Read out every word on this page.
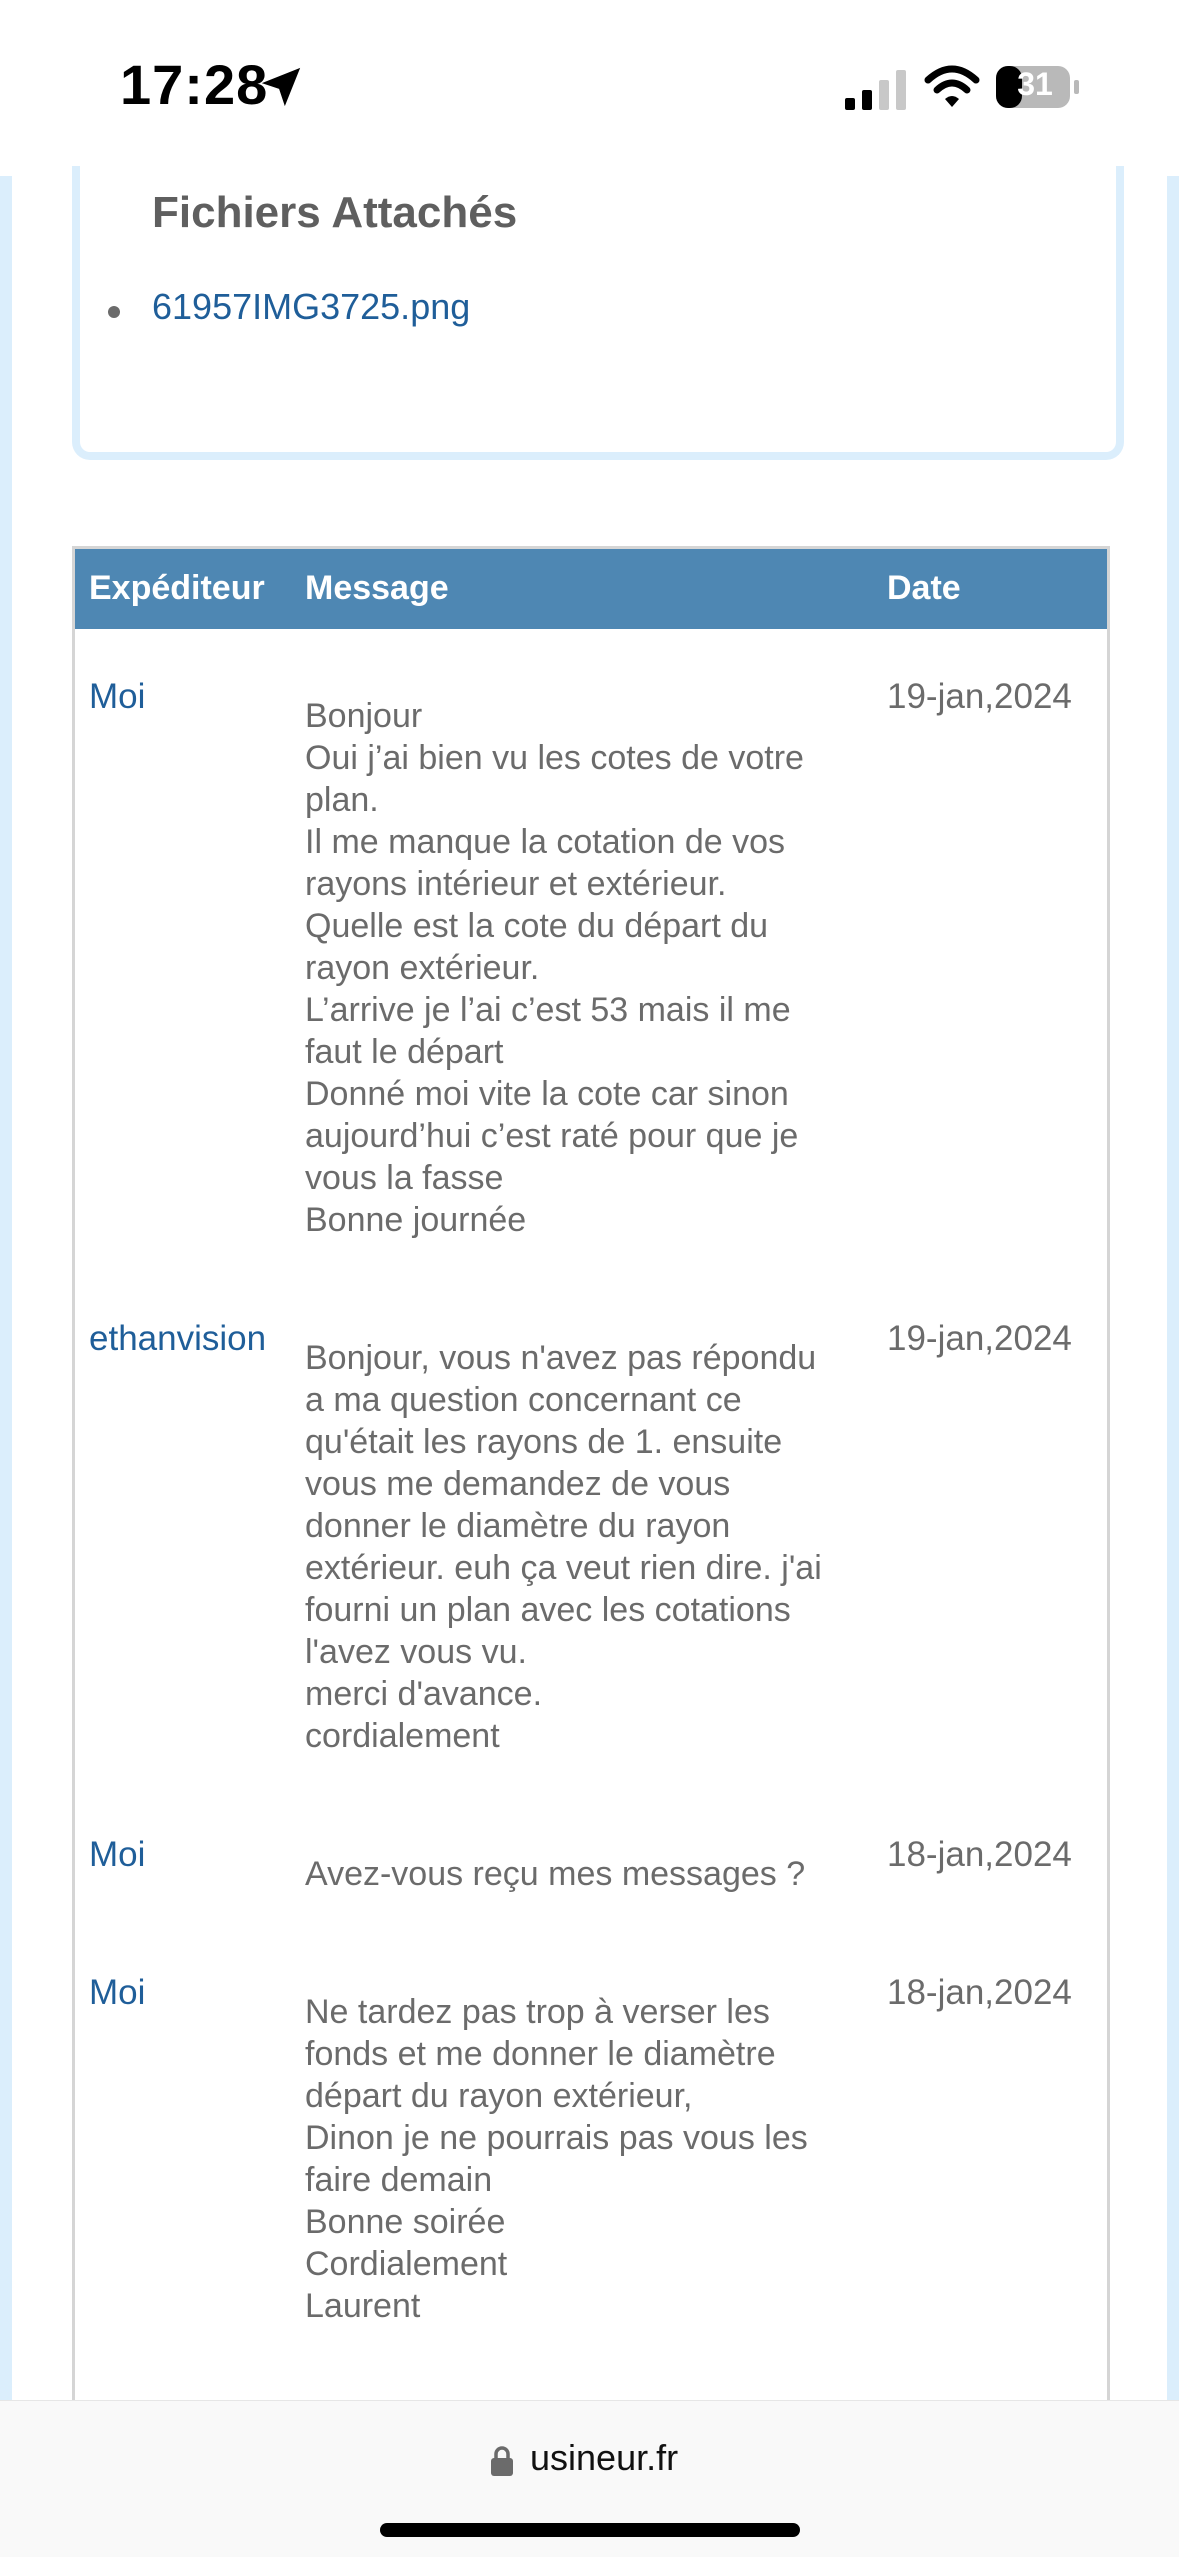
17:28	31
Fichiers Attachés
61957IMG3725.png
Expéditeur Message	Date
Moi	Bonjour
Oui j’ai bien vu les cotes de votre
plan.
Il me manque la cotation de vos
rayons intérieur et extérieur.
Quelle est la cote du départ du
rayon extérieur.
L’arrive je l’ai c’est 53 mais il me
faut le départ
Donné moi vite la cote car sinon
aujourd’hui c’est raté pour que je
vous la fasse
Bonne journée
19-jan,2024
ethanvision Bonjour, vous n'avez pas répondu
a ma question concernant ce
qu'était les rayons de 1. ensuite
vous me demandez de vous
donner le diamètre du rayon
extérieur. euh ça veut rien dire. j'ai
fourni un plan avec les cotations
l'avez vous vu.
merci d'avance.
cordialement
19-jan,2024
Moi	Avez-vous reçu mes messages ?	18-jan,2024
Moi	Ne tardez pas trop à verser les
fonds et me donner le diamètre
départ du rayon extérieur,
Dinon je ne pourrais pas vous les
faire demain
Bonne soirée
Cordialement
Laurent
18-jan,2024
usineur.fr
